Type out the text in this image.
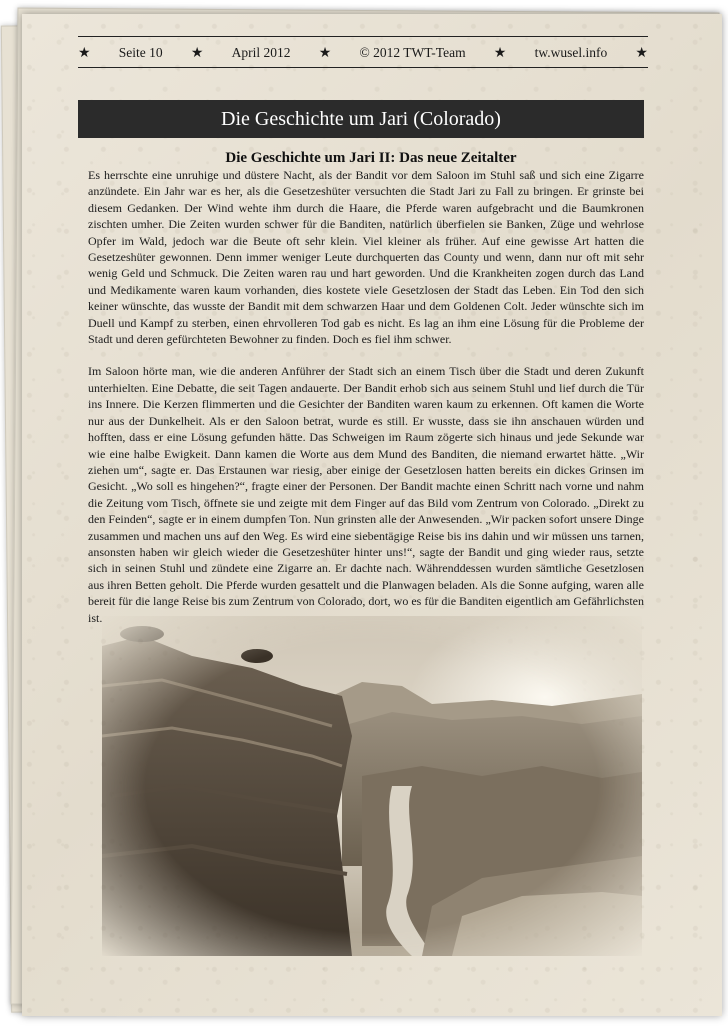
★ Seite 10 ★ April 2012 ★ © 2012 TWT-Team ★ tw.wusel.info ★
Die Geschichte um Jari (Colorado)
Die Geschichte um Jari II: Das neue Zeitalter

Es herrschte eine unruhige und düstere Nacht, als der Bandit vor dem Saloon im Stuhl saß und sich eine Zigarre anzündete. Ein Jahr war es her, als die Gesetzeshüter versuchten die Stadt Jari zu Fall zu bringen. Er grinste bei diesem Gedanken. Der Wind wehte ihm durch die Haare, die Pferde waren aufgebracht und die Baumkronen zischten umher. Die Zeiten wurden schwer für die Banditen, natürlich überfielen sie Banken, Züge und wehrlose Opfer im Wald, jedoch war die Beute oft sehr klein. Viel kleiner als früher. Auf eine gewisse Art hatten die Gesetzeshüter gewonnen. Denn immer weniger Leute durchquerten das County und wenn, dann nur oft mit sehr wenig Geld und Schmuck. Die Zeiten waren rau und hart geworden. Und die Krankheiten zogen durch das Land und Medikamente waren kaum vorhanden, dies kostete viele Gesetzlosen der Stadt das Leben. Ein Tod den sich keiner wünschte, das wusste der Bandit mit dem schwarzen Haar und dem Goldenen Colt. Jeder wünschte sich im Duell und Kampf zu sterben, einen ehrvolleren Tod gab es nicht. Es lag an ihm eine Lösung für die Probleme der Stadt und deren gefürchteten Bewohner zu finden. Doch es fiel ihm schwer.

Im Saloon hörte man, wie die anderen Anführer der Stadt sich an einem Tisch über die Stadt und deren Zukunft unterhielten. Eine Debatte, die seit Tagen andauerte. Der Bandit erhob sich aus seinem Stuhl und lief durch die Tür ins Innere. Die Kerzen flimmerten und die Gesichter der Banditen waren kaum zu erkennen. Oft kamen die Worte nur aus der Dunkelheit. Als er den Saloon betrat, wurde es still. Er wusste, dass sie ihn anschauen würden und hofften, dass er eine Lösung gefunden hätte. Das Schweigen im Raum zögerte sich hinaus und jede Sekunde war wie eine halbe Ewigkeit. Dann kamen die Worte aus dem Mund des Banditen, die niemand erwartet hätte. „Wir ziehen um“, sagte er. Das Erstaunen war riesig, aber einige der Gesetzlosen hatten bereits ein dickes Grinsen im Gesicht. „Wo soll es hingehen?“, fragte einer der Personen. Der Bandit machte einen Schritt nach vorne und nahm die Zeitung vom Tisch, öffnete sie und zeigte mit dem Finger auf das Bild vom Zentrum von Colorado. „Direkt zu den Feinden“, sagte er in einem dumpfen Ton. Nun grinsten alle der Anwesenden. „Wir packen sofort unsere Dinge zusammen und machen uns auf den Weg. Es wird eine siebentägige Reise bis ins dahin und wir müssen uns tarnen, ansonsten haben wir gleich wieder die Gesetzeshüter hinter uns!“, sagte der Bandit und ging wieder raus, setzte sich in seinen Stuhl und zündete eine Zigarre an. Er dachte nach. Währenddessen wurden sämtliche Gesetzlosen aus ihren Betten geholt. Die Pferde wurden gesattelt und die Planwagen beladen. Als die Sonne aufging, waren alle bereit für die lange Reise bis zum Zentrum von Colorado, dort, wo es für die Banditen eigentlich am Gefährlichsten ist.
